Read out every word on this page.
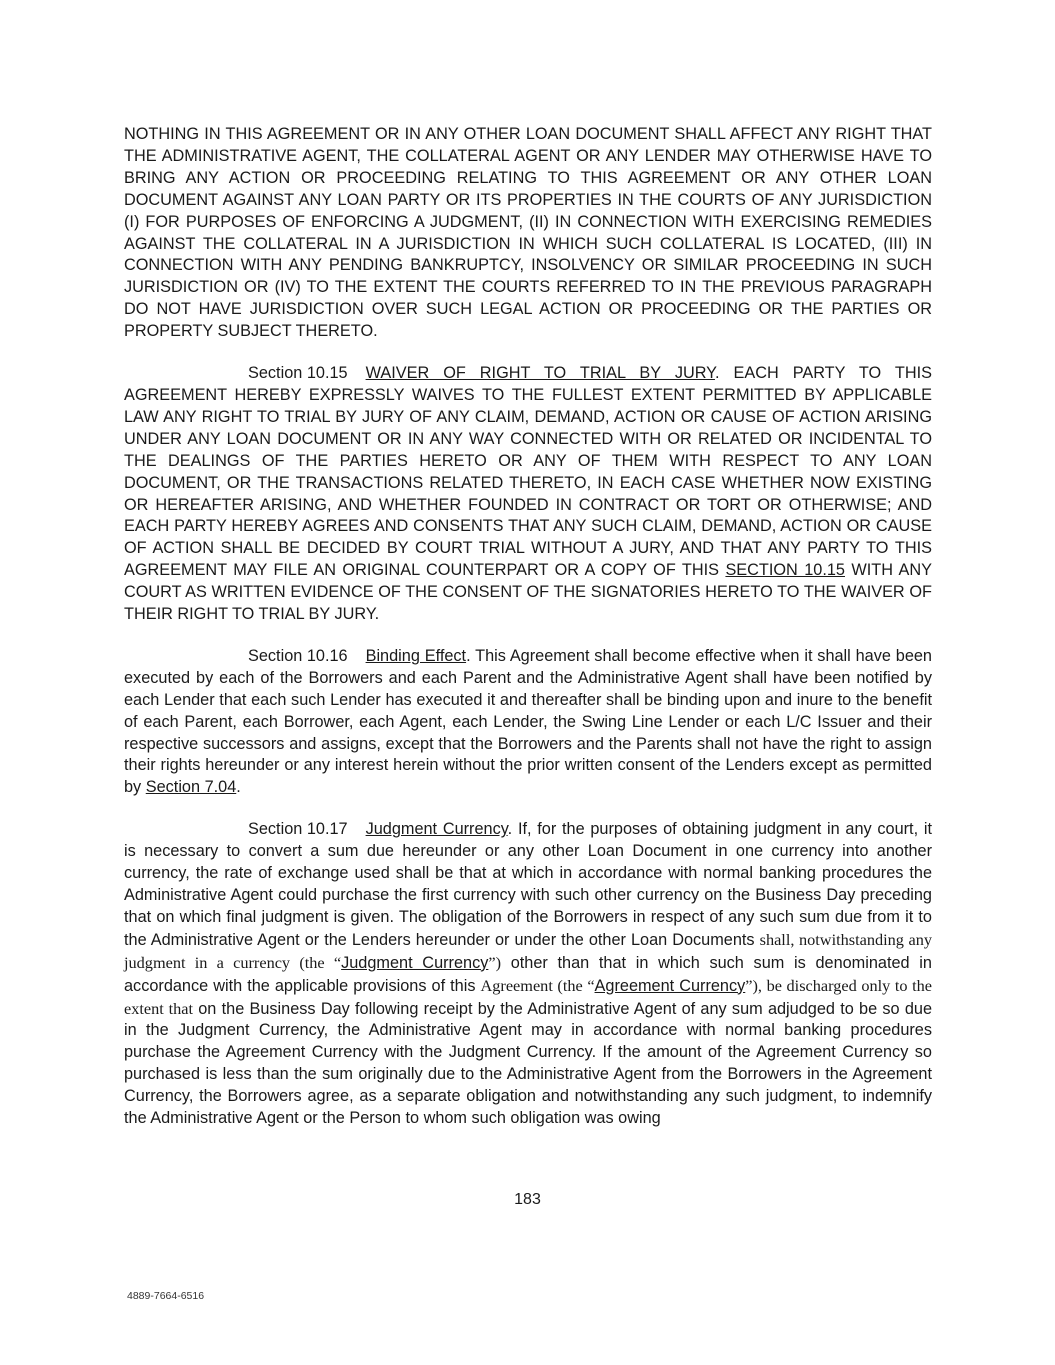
NOTHING IN THIS AGREEMENT OR IN ANY OTHER LOAN DOCUMENT SHALL AFFECT ANY RIGHT THAT THE ADMINISTRATIVE AGENT, THE COLLATERAL AGENT OR ANY LENDER MAY OTHERWISE HAVE TO BRING ANY ACTION OR PROCEEDING RELATING TO THIS AGREEMENT OR ANY OTHER LOAN DOCUMENT AGAINST ANY LOAN PARTY OR ITS PROPERTIES IN THE COURTS OF ANY JURISDICTION (I) FOR PURPOSES OF ENFORCING A JUDGMENT, (II) IN CONNECTION WITH EXERCISING REMEDIES AGAINST THE COLLATERAL IN A JURISDICTION IN WHICH SUCH COLLATERAL IS LOCATED, (III) IN CONNECTION WITH ANY PENDING BANKRUPTCY, INSOLVENCY OR SIMILAR PROCEEDING IN SUCH JURISDICTION OR (IV) TO THE EXTENT THE COURTS REFERRED TO IN THE PREVIOUS PARAGRAPH DO NOT HAVE JURISDICTION OVER SUCH LEGAL ACTION OR PROCEEDING OR THE PARTIES OR PROPERTY SUBJECT THERETO.

Section 10.15 WAIVER OF RIGHT TO TRIAL BY JURY. EACH PARTY TO THIS AGREEMENT HEREBY EXPRESSLY WAIVES TO THE FULLEST EXTENT PERMITTED BY APPLICABLE LAW ANY RIGHT TO TRIAL BY JURY OF ANY CLAIM, DEMAND, ACTION OR CAUSE OF ACTION ARISING UNDER ANY LOAN DOCUMENT OR IN ANY WAY CONNECTED WITH OR RELATED OR INCIDENTAL TO THE DEALINGS OF THE PARTIES HERETO OR ANY OF THEM WITH RESPECT TO ANY LOAN DOCUMENT, OR THE TRANSACTIONS RELATED THERETO, IN EACH CASE WHETHER NOW EXISTING OR HEREAFTER ARISING, AND WHETHER FOUNDED IN CONTRACT OR TORT OR OTHERWISE; AND EACH PARTY HEREBY AGREES AND CONSENTS THAT ANY SUCH CLAIM, DEMAND, ACTION OR CAUSE OF ACTION SHALL BE DECIDED BY COURT TRIAL WITHOUT A JURY, AND THAT ANY PARTY TO THIS AGREEMENT MAY FILE AN ORIGINAL COUNTERPART OR A COPY OF THIS SECTION 10.15 WITH ANY COURT AS WRITTEN EVIDENCE OF THE CONSENT OF THE SIGNATORIES HERETO TO THE WAIVER OF THEIR RIGHT TO TRIAL BY JURY.

Section 10.16 Binding Effect. This Agreement shall become effective when it shall have been executed by each of the Borrowers and each Parent and the Administrative Agent shall have been notified by each Lender that each such Lender has executed it and thereafter shall be binding upon and inure to the benefit of each Parent, each Borrower, each Agent, each Lender, the Swing Line Lender or each L/C Issuer and their respective successors and assigns, except that the Borrowers and the Parents shall not have the right to assign their rights hereunder or any interest herein without the prior written consent of the Lenders except as permitted by Section 7.04.

Section 10.17 Judgment Currency. If, for the purposes of obtaining judgment in any court, it is necessary to convert a sum due hereunder or any other Loan Document in one currency into another currency, the rate of exchange used shall be that at which in accordance with normal banking procedures the Administrative Agent could purchase the first currency with such other currency on the Business Day preceding that on which final judgment is given. The obligation of the Borrowers in respect of any such sum due from it to the Administrative Agent or the Lenders hereunder or under the other Loan Documents shall, notwithstanding any judgment in a currency (the “Judgment Currency”) other than that in which such sum is denominated in accordance with the applicable provisions of this Agreement (the “Agreement Currency”), be discharged only to the extent that on the Business Day following receipt by the Administrative Agent of any sum adjudged to be so due in the Judgment Currency, the Administrative Agent may in accordance with normal banking procedures purchase the Agreement Currency with the Judgment Currency. If the amount of the Agreement Currency so purchased is less than the sum originally due to the Administrative Agent from the Borrowers in the Agreement Currency, the Borrowers agree, as a separate obligation and notwithstanding any such judgment, to indemnify the Administrative Agent or the Person to whom such obligation was owing

183
4889-7664-6516
